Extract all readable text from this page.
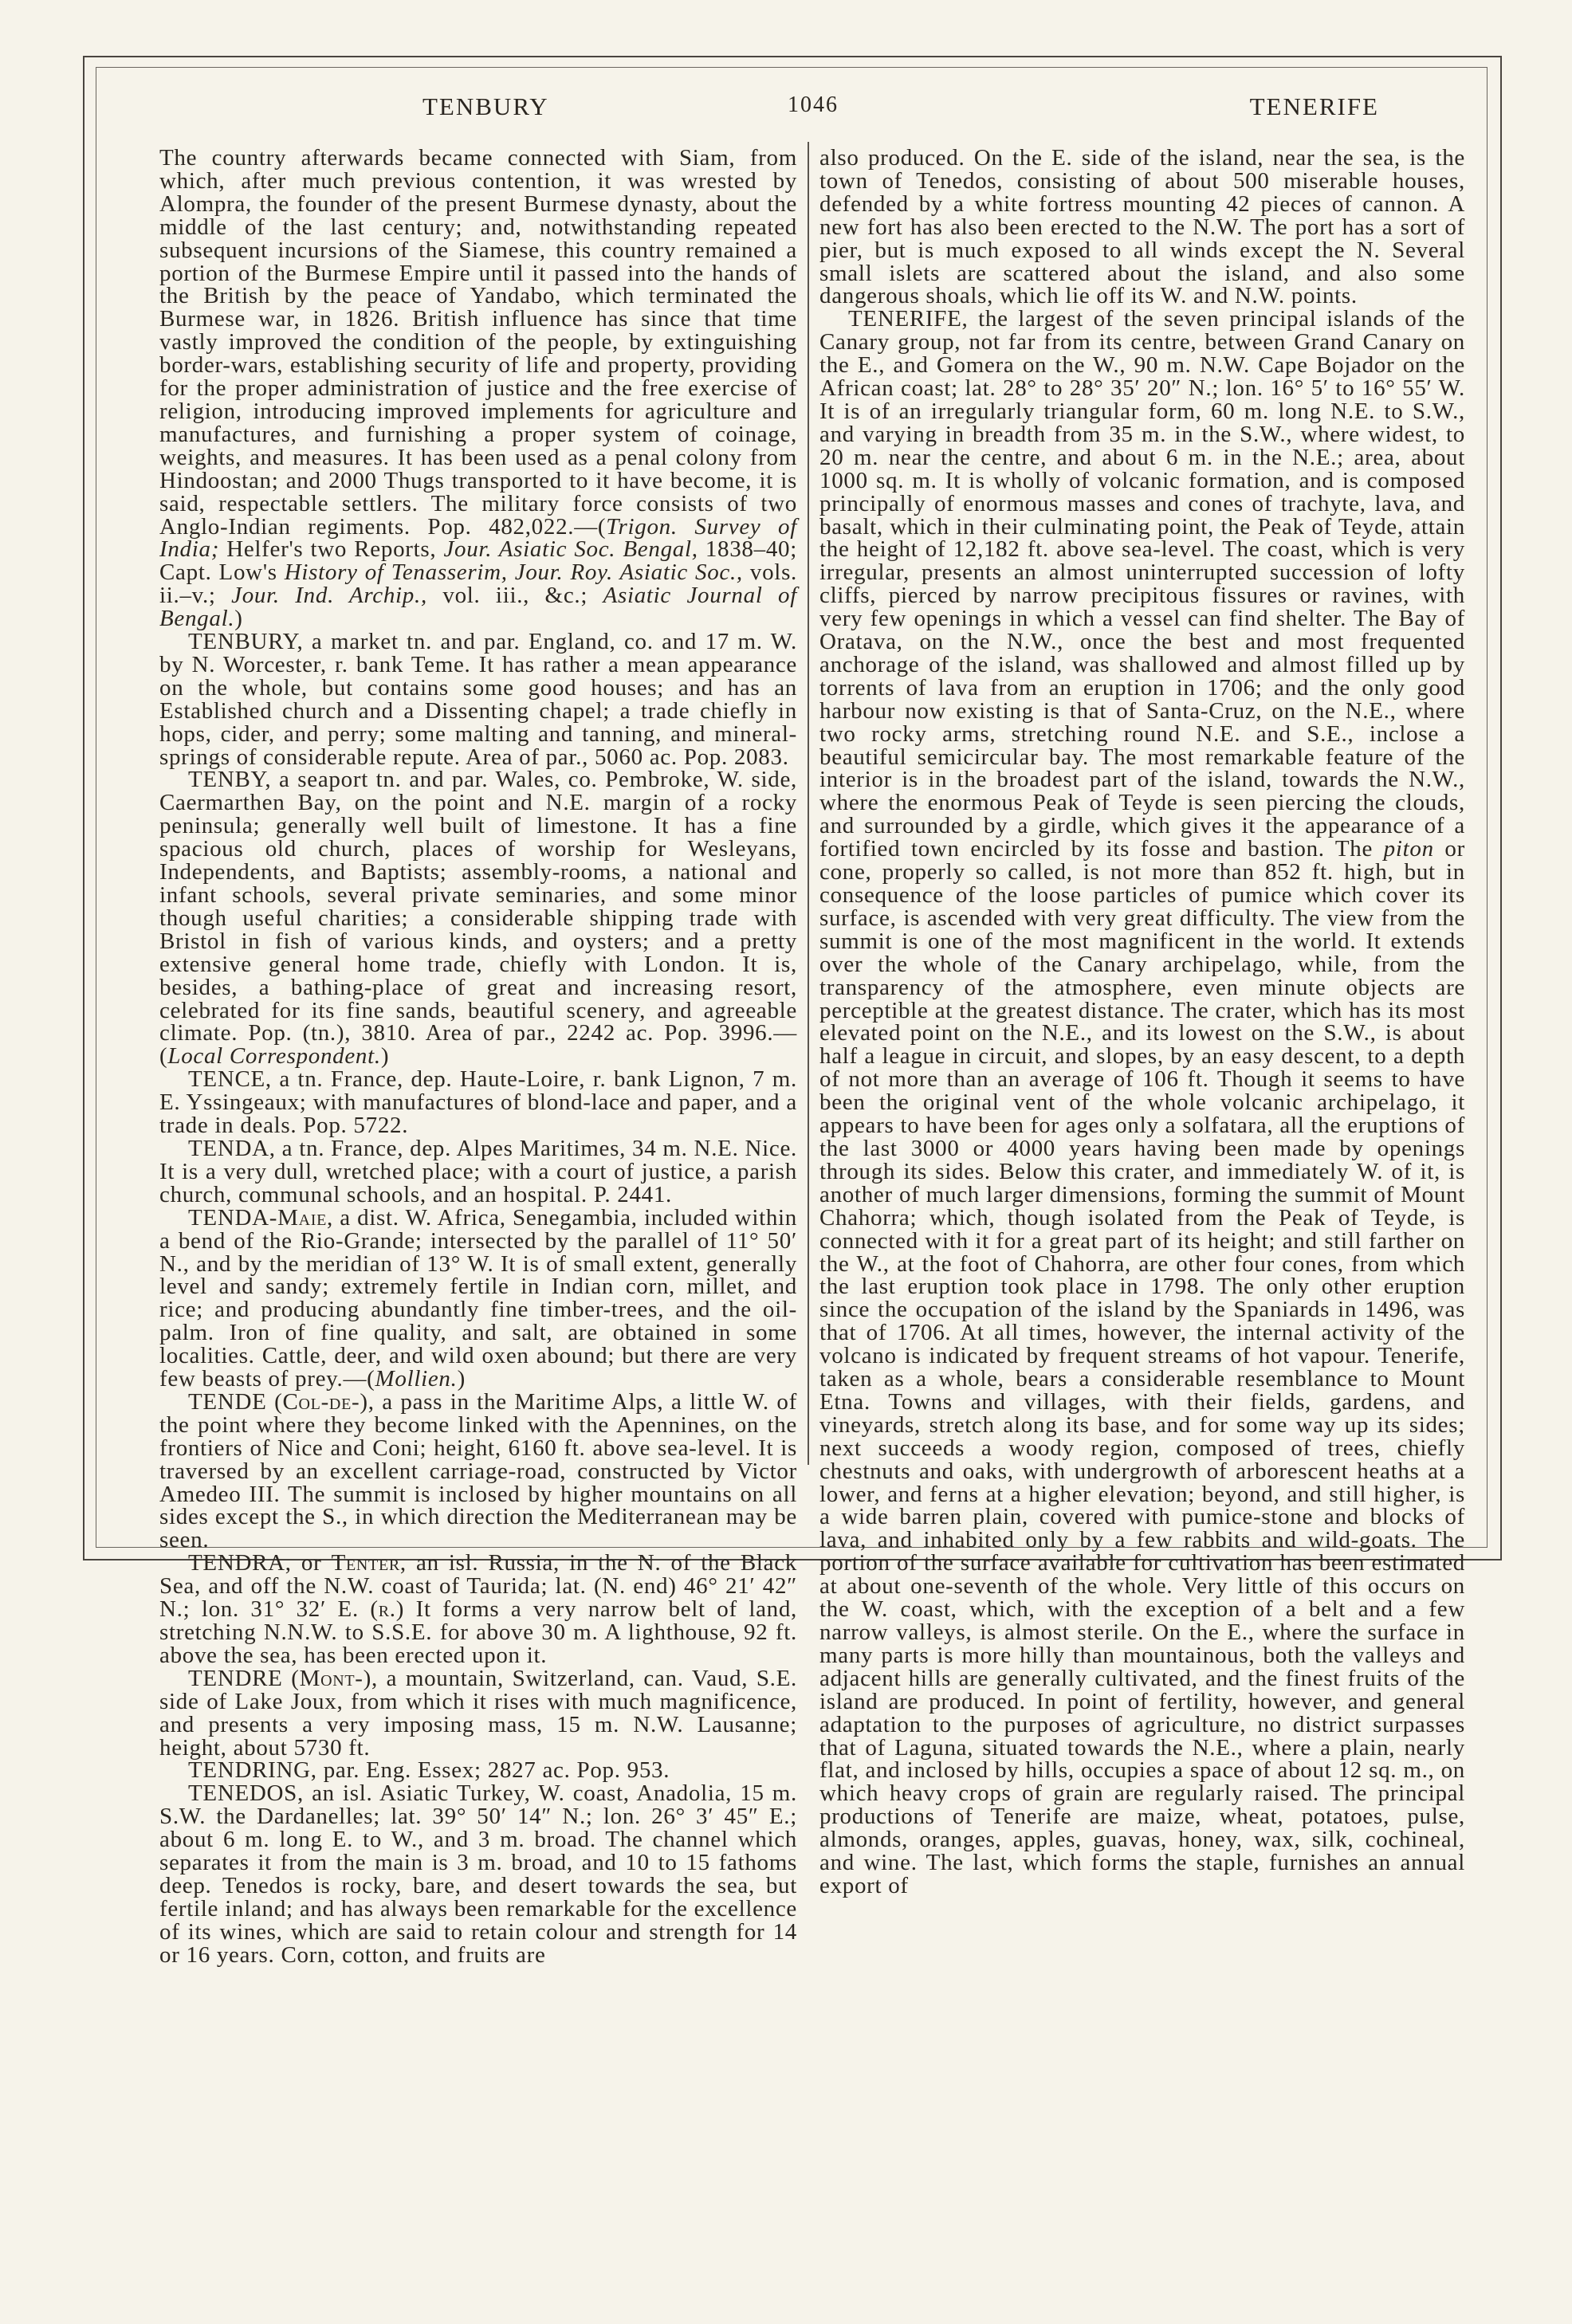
TENBURY	1046	TENERIFE

The country afterwards became connected with Siam, from which, after much previous contention, it was wrested by Alompra, the founder of the present Burmese dynasty, about the middle of the last century; and, notwithstanding repeated subsequent incursions of the Siamese, this country remained a portion of the Burmese Empire until it passed into the hands of the British by the peace of Yandabo, which terminated the Burmese war, in 1826. British influence has since that time vastly improved the condition of the people, by extinguishing border-wars, establishing security of life and property, providing for the proper administration of justice and the free exercise of religion, introducing improved implements for agriculture and manufactures, and furnishing a proper system of coinage, weights, and measures. It has been used as a penal colony from Hindoostan; and 2000 Thugs transported to it have become, it is said, respectable settlers. The military force consists of two Anglo-Indian regiments. Pop. 482,022.—(Trigon. Survey of India; Helfer's two Reports, Jour. Asiatic Soc. Bengal, 1838–40; Capt. Low's History of Tenasserim, Jour. Roy. Asiatic Soc., vols. ii.–v.; Jour. Ind. Archip., vol. iii., &c.; Asiatic Journal of Bengal.)

TENBURY, a market tn. and par. England, co. and 17 m. W. by N. Worcester, r. bank Teme. It has rather a mean appearance on the whole, but contains some good houses; and has an Established church and a Dissenting chapel; a trade chiefly in hops, cider, and perry; some malting and tanning, and mineral-springs of considerable repute. Area of par., 5060 ac. Pop. 2083.

TENBY, a seaport tn. and par. Wales, co. Pembroke, W. side, Caermarthen Bay, on the point and N.E. margin of a rocky peninsula; generally well built of limestone. It has a fine spacious old church, places of worship for Wesleyans, Independents, and Baptists; assembly-rooms, a national and infant schools, several private seminaries, and some minor though useful charities; a considerable shipping trade with Bristol in fish of various kinds, and oysters; and a pretty extensive general home trade, chiefly with London. It is, besides, a bathing-place of great and increasing resort, celebrated for its fine sands, beautiful scenery, and agreeable climate. Pop. (tn.), 3810. Area of par., 2242 ac. Pop. 3996.—(Local Correspondent.)

TENCE, a tn. France, dep. Haute-Loire, r. bank Lignon, 7 m. E. Yssingeaux; with manufactures of blond-lace and paper, and a trade in deals. Pop. 5722.

TENDA, a tn. France, dep. Alpes Maritimes, 34 m. N.E. Nice. It is a very dull, wretched place; with a court of justice, a parish church, communal schools, and an hospital. P. 2441.

TENDA-Maie, a dist. W. Africa, Senegambia, included within a bend of the Rio-Grande; intersected by the parallel of 11° 50′ N., and by the meridian of 13° W. It is of small extent, generally level and sandy; extremely fertile in Indian corn, millet, and rice; and producing abundantly fine timber-trees, and the oil-palm. Iron of fine quality, and salt, are obtained in some localities. Cattle, deer, and wild oxen abound; but there are very few beasts of prey.—(Mollien.)

TENDE (Col-de-), a pass in the Maritime Alps, a little W. of the point where they become linked with the Apennines, on the frontiers of Nice and Coni; height, 6160 ft. above sea-level. It is traversed by an excellent carriage-road, constructed by Victor Amedeo III. The summit is inclosed by higher mountains on all sides except the S., in which direction the Mediterranean may be seen.

TENDRA, or Tenter, an isl. Russia, in the N. of the Black Sea, and off the N.W. coast of Taurida; lat. (N. end) 46° 21′ 42″ N.; lon. 31° 32′ E. (r.) It forms a very narrow belt of land, stretching N.N.W. to S.S.E. for above 30 m. A lighthouse, 92 ft. above the sea, has been erected upon it.

TENDRE (Mont-), a mountain, Switzerland, can. Vaud, S.E. side of Lake Joux, from which it rises with much magnificence, and presents a very imposing mass, 15 m. N.W. Lausanne; height, about 5730 ft.

TENDRING, par. Eng. Essex; 2827 ac. Pop. 953.

TENEDOS, an isl. Asiatic Turkey, W. coast, Anadolia, 15 m. S.W. the Dardanelles; lat. 39° 50′ 14″ N.; lon. 26° 3′ 45″ E.; about 6 m. long E. to W., and 3 m. broad. The channel which separates it from the main is 3 m. broad, and 10 to 15 fathoms deep. Tenedos is rocky, bare, and desert towards the sea, but fertile inland; and has always been remarkable for the excellence of its wines, which are said to retain colour and strength for 14 or 16 years. Corn, cotton, and fruits are

also produced. On the E. side of the island, near the sea, is the town of Tenedos, consisting of about 500 miserable houses, defended by a white fortress mounting 42 pieces of cannon. A new fort has also been erected to the N.W. The port has a sort of pier, but is much exposed to all winds except the N. Several small islets are scattered about the island, and also some dangerous shoals, which lie off its W. and N.W. points.

TENERIFE, the largest of the seven principal islands of the Canary group, not far from its centre, between Grand Canary on the E., and Gomera on the W., 90 m. N.W. Cape Bojador on the African coast; lat. 28° to 28° 35′ 20″ N.; lon. 16° 5′ to 16° 55′ W. It is of an irregularly triangular form, 60 m. long N.E. to S.W., and varying in breadth from 35 m. in the S.W., where widest, to 20 m. near the centre, and about 6 m. in the N.E.; area, about 1000 sq. m. It is wholly of volcanic formation, and is composed principally of enormous masses and cones of trachyte, lava, and basalt, which in their culminating point, the Peak of Teyde, attain the height of 12,182 ft. above sea-level. The coast, which is very irregular, presents an almost uninterrupted succession of lofty cliffs, pierced by narrow precipitous fissures or ravines, with very few openings in which a vessel can find shelter. The Bay of Oratava, on the N.W., once the best and most frequented anchorage of the island, was shallowed and almost filled up by torrents of lava from an eruption in 1706; and the only good harbour now existing is that of Santa-Cruz, on the N.E., where two rocky arms, stretching round N.E. and S.E., inclose a beautiful semicircular bay. The most remarkable feature of the interior is in the broadest part of the island, towards the N.W., where the enormous Peak of Teyde is seen piercing the clouds, and surrounded by a girdle, which gives it the appearance of a fortified town encircled by its fosse and bastion. The piton or cone, properly so called, is not more than 852 ft. high, but in consequence of the loose particles of pumice which cover its surface, is ascended with very great difficulty. The view from the summit is one of the most magnificent in the world. It extends over the whole of the Canary archipelago, while, from the transparency of the atmosphere, even minute objects are perceptible at the greatest distance. The crater, which has its most elevated point on the N.E., and its lowest on the S.W., is about half a league in circuit, and slopes, by an easy descent, to a depth of not more than an average of 106 ft. Though it seems to have been the original vent of the whole volcanic archipelago, it appears to have been for ages only a solfatara, all the eruptions of the last 3000 or 4000 years having been made by openings through its sides. Below this crater, and immediately W. of it, is another of much larger dimensions, forming the summit of Mount Chahorra; which, though isolated from the Peak of Teyde, is connected with it for a great part of its height; and still farther on the W., at the foot of Chahorra, are other four cones, from which the last eruption took place in 1798. The only other eruption since the occupation of the island by the Spaniards in 1496, was that of 1706. At all times, however, the internal activity of the volcano is indicated by frequent streams of hot vapour. Tenerife, taken as a whole, bears a considerable resemblance to Mount Etna. Towns and villages, with their fields, gardens, and vineyards, stretch along its base, and for some way up its sides; next succeeds a woody region, composed of trees, chiefly chestnuts and oaks, with undergrowth of arborescent heaths at a lower, and ferns at a higher elevation; beyond, and still higher, is a wide barren plain, covered with pumice-stone and blocks of lava, and inhabited only by a few rabbits and wild-goats. The portion of the surface available for cultivation has been estimated at about one-seventh of the whole. Very little of this occurs on the W. coast, which, with the exception of a belt and a few narrow valleys, is almost sterile. On the E., where the surface in many parts is more hilly than mountainous, both the valleys and adjacent hills are generally cultivated, and the finest fruits of the island are produced. In point of fertility, however, and general adaptation to the purposes of agriculture, no district surpasses that of Laguna, situated towards the N.E., where a plain, nearly flat, and inclosed by hills, occupies a space of about 12 sq. m., on which heavy crops of grain are regularly raised. The principal productions of Tenerife are maize, wheat, potatoes, pulse, almonds, oranges, apples, guavas, honey, wax, silk, cochineal, and wine. The last, which forms the staple, furnishes an annual export of
